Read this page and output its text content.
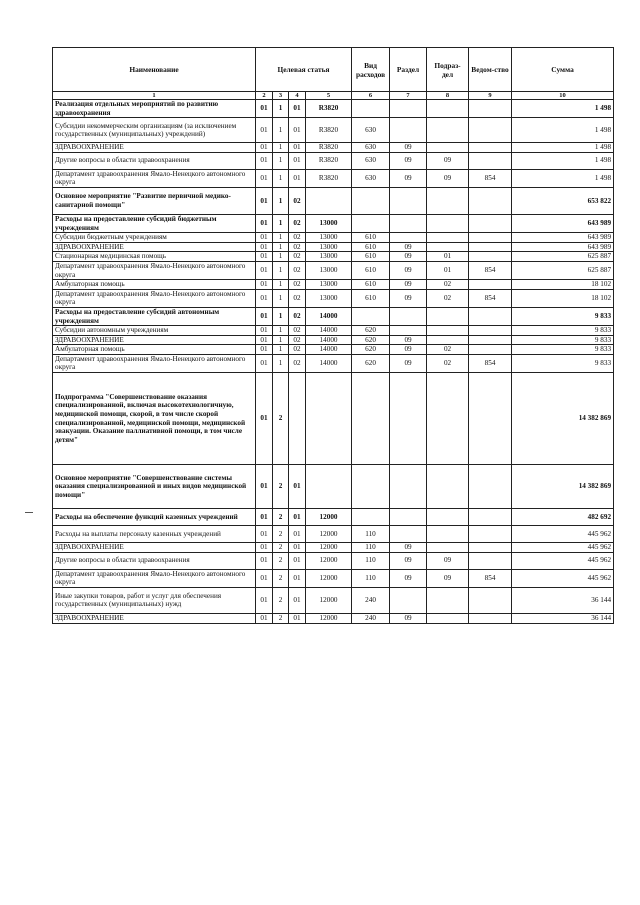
Наименование	Целевая статья				Вид расходов	Раздел	Подраз-дел	Ведом-ство	Сумма
1	2	3	4	5	6	7	8	9	10
Реализация отдельных мероприятий по развитию здравоохранения	01	1	01	R3820					1 498
Субсидии некоммерческим организациям (за исключением государственных (муниципальных) учреждений)	01	1	01	R3820	630				1 498
ЗДРАВООХРАНЕНИЕ	01	1	01	R3820	630	09			1 498
Другие вопросы в области здравоохранения	01	1	01	R3820	630	09	09		1 498
Департамент здравоохранения Ямало-Ненецкого автономного округа	01	1	01	R3820	630	09	09	854	1 498
Основное мероприятие "Развитие первичной медико-санитарной помощи"	01	1	02						653 822
Расходы на предоставление субсидий бюджетным учреждениям	01	1	02	13000					643 989
Субсидии бюджетным учреждениям	01	1	02	13000	610				643 989
ЗДРАВООХРАНЕНИЕ	01	1	02	13000	610	09			643 989
Стационарная медицинская помощь	01	1	02	13000	610	09	01		625 887
Департамент здравоохранения Ямало-Ненецкого автономного округа	01	1	02	13000	610	09	01	854	625 887
Амбулаторная помощь	01	1	02	13000	610	09	02		18 102
Департамент здравоохранения Ямало-Ненецкого автономного округа	01	1	02	13000	610	09	02	854	18 102
Расходы на предоставление субсидий автономным учреждениям	01	1	02	14000					9 833
Субсидии автономным учреждениям	01	1	02	14000	620				9 833
ЗДРАВООХРАНЕНИЕ	01	1	02	14000	620	09			9 833
Амбулаторная помощь	01	1	02	14000	620	09	02		9 833
Департамент здравоохранения Ямало-Ненецкого автономного округа	01	1	02	14000	620	09	02	854	9 833
Подпрограмма "Совершенствование оказания специализированной, включая высокотехнологичную, медицинской помощи, скорой, в том числе скорой специализированной, медицинской помощи, медицинской эвакуации. Оказание паллиативной помощи, в том числе детям"	01	2							14 382 869
Основное мероприятие "Совершенствование системы оказания специализированной и иных видов медицинской помощи"	01	2	01						14 382 869
Расходы на обеспечение функций казенных учреждений	01	2	01	12000					482 692
Расходы на выплаты персоналу казенных учреждений	01	2	01	12000	110				445 962
ЗДРАВООХРАНЕНИЕ	01	2	01	12000	110	09			445 962
Другие вопросы в области здравоохранения	01	2	01	12000	110	09	09		445 962
Департамент здравоохранения Ямало-Ненецкого автономного округа	01	2	01	12000	110	09	09	854	445 962
Иные закупки товаров, работ и услуг для обеспечения государственных (муниципальных) нужд	01	2	01	12000	240				36 144
ЗДРАВООХРАНЕНИЕ	01	2	01	12000	240	09			36 144
